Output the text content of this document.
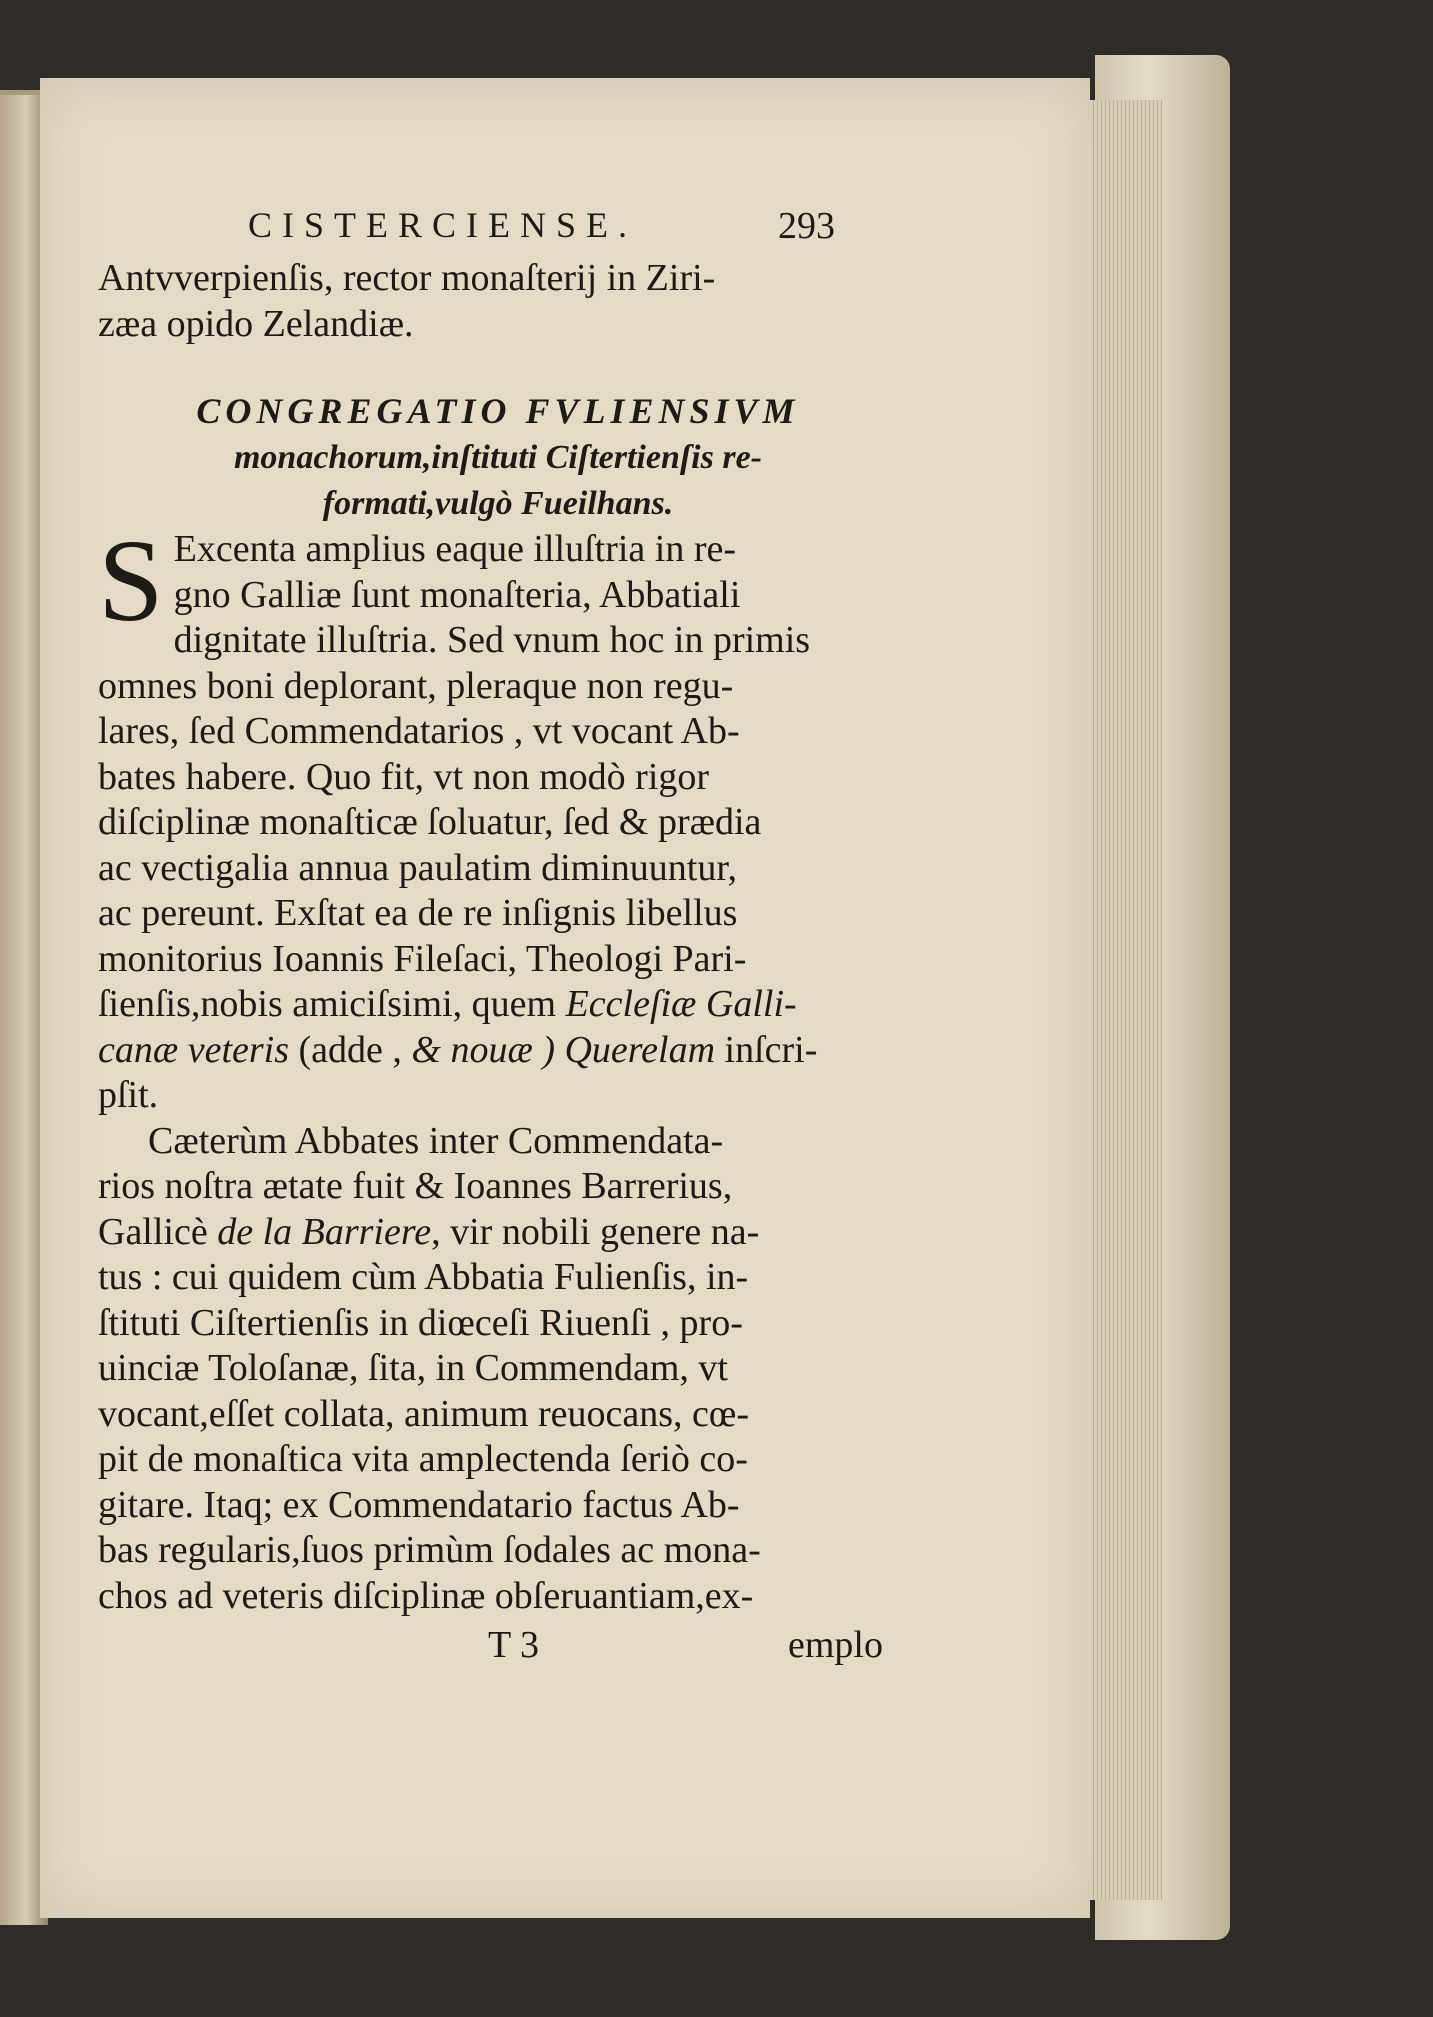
CISTERCIENSE.	293
Antvverpienſis, rector monaſterij in Ziri-
zæa opido Zelandiæ.
CONGREGATIO FVLIENSIVM
monachorum,inſtituti Ciſtertienſis re-
formati,vulgò Fueilhans.
S Excenta amplius eaque illuſtria in re-
gno Galliæ ſunt monaſteria, Abbatiali
dignitate illuſtria. Sed vnum hoc in primis
omnes boni deplorant, pleraque non regu-
lares, ſed Commendatarios , vt vocant Ab-
bates habere. Quo fit, vt non modò rigor
diſciplinæ monaſticæ ſoluatur, ſed & prædia
ac vectigalia annua paulatim diminuuntur,
ac pereunt. Exſtat ea de re inſignis libellus
monitorius Ioannis Fileſaci, Theologi Pari-
ſienſis,nobis amiciſsimi, quem Eccleſiæ Galli-
canæ veteris (adde , & nouæ ) Querelam inſcri-
pſit.
Cæterùm Abbates inter Commendata-
rios noſtra ætate fuit & Ioannes Barrerius,
Gallicè de la Barriere, vir nobili genere na-
tus : cui quidem cùm Abbatia Fulienſis, in-
ſtituti Ciſtertienſis in diœceſi Riuenſi , pro-
uinciæ Toloſanæ, ſita, in Commendam, vt
vocant,eſſet collata, animum reuocans, cœ-
pit de monaſtica vita amplectenda ſeriò co-
gitare. Itaq; ex Commendatario factus Ab-
bas regularis,ſuos primùm ſodales ac mona-
chos ad veteris diſciplinæ obſeruantiam,ex-
T 3	emplo
